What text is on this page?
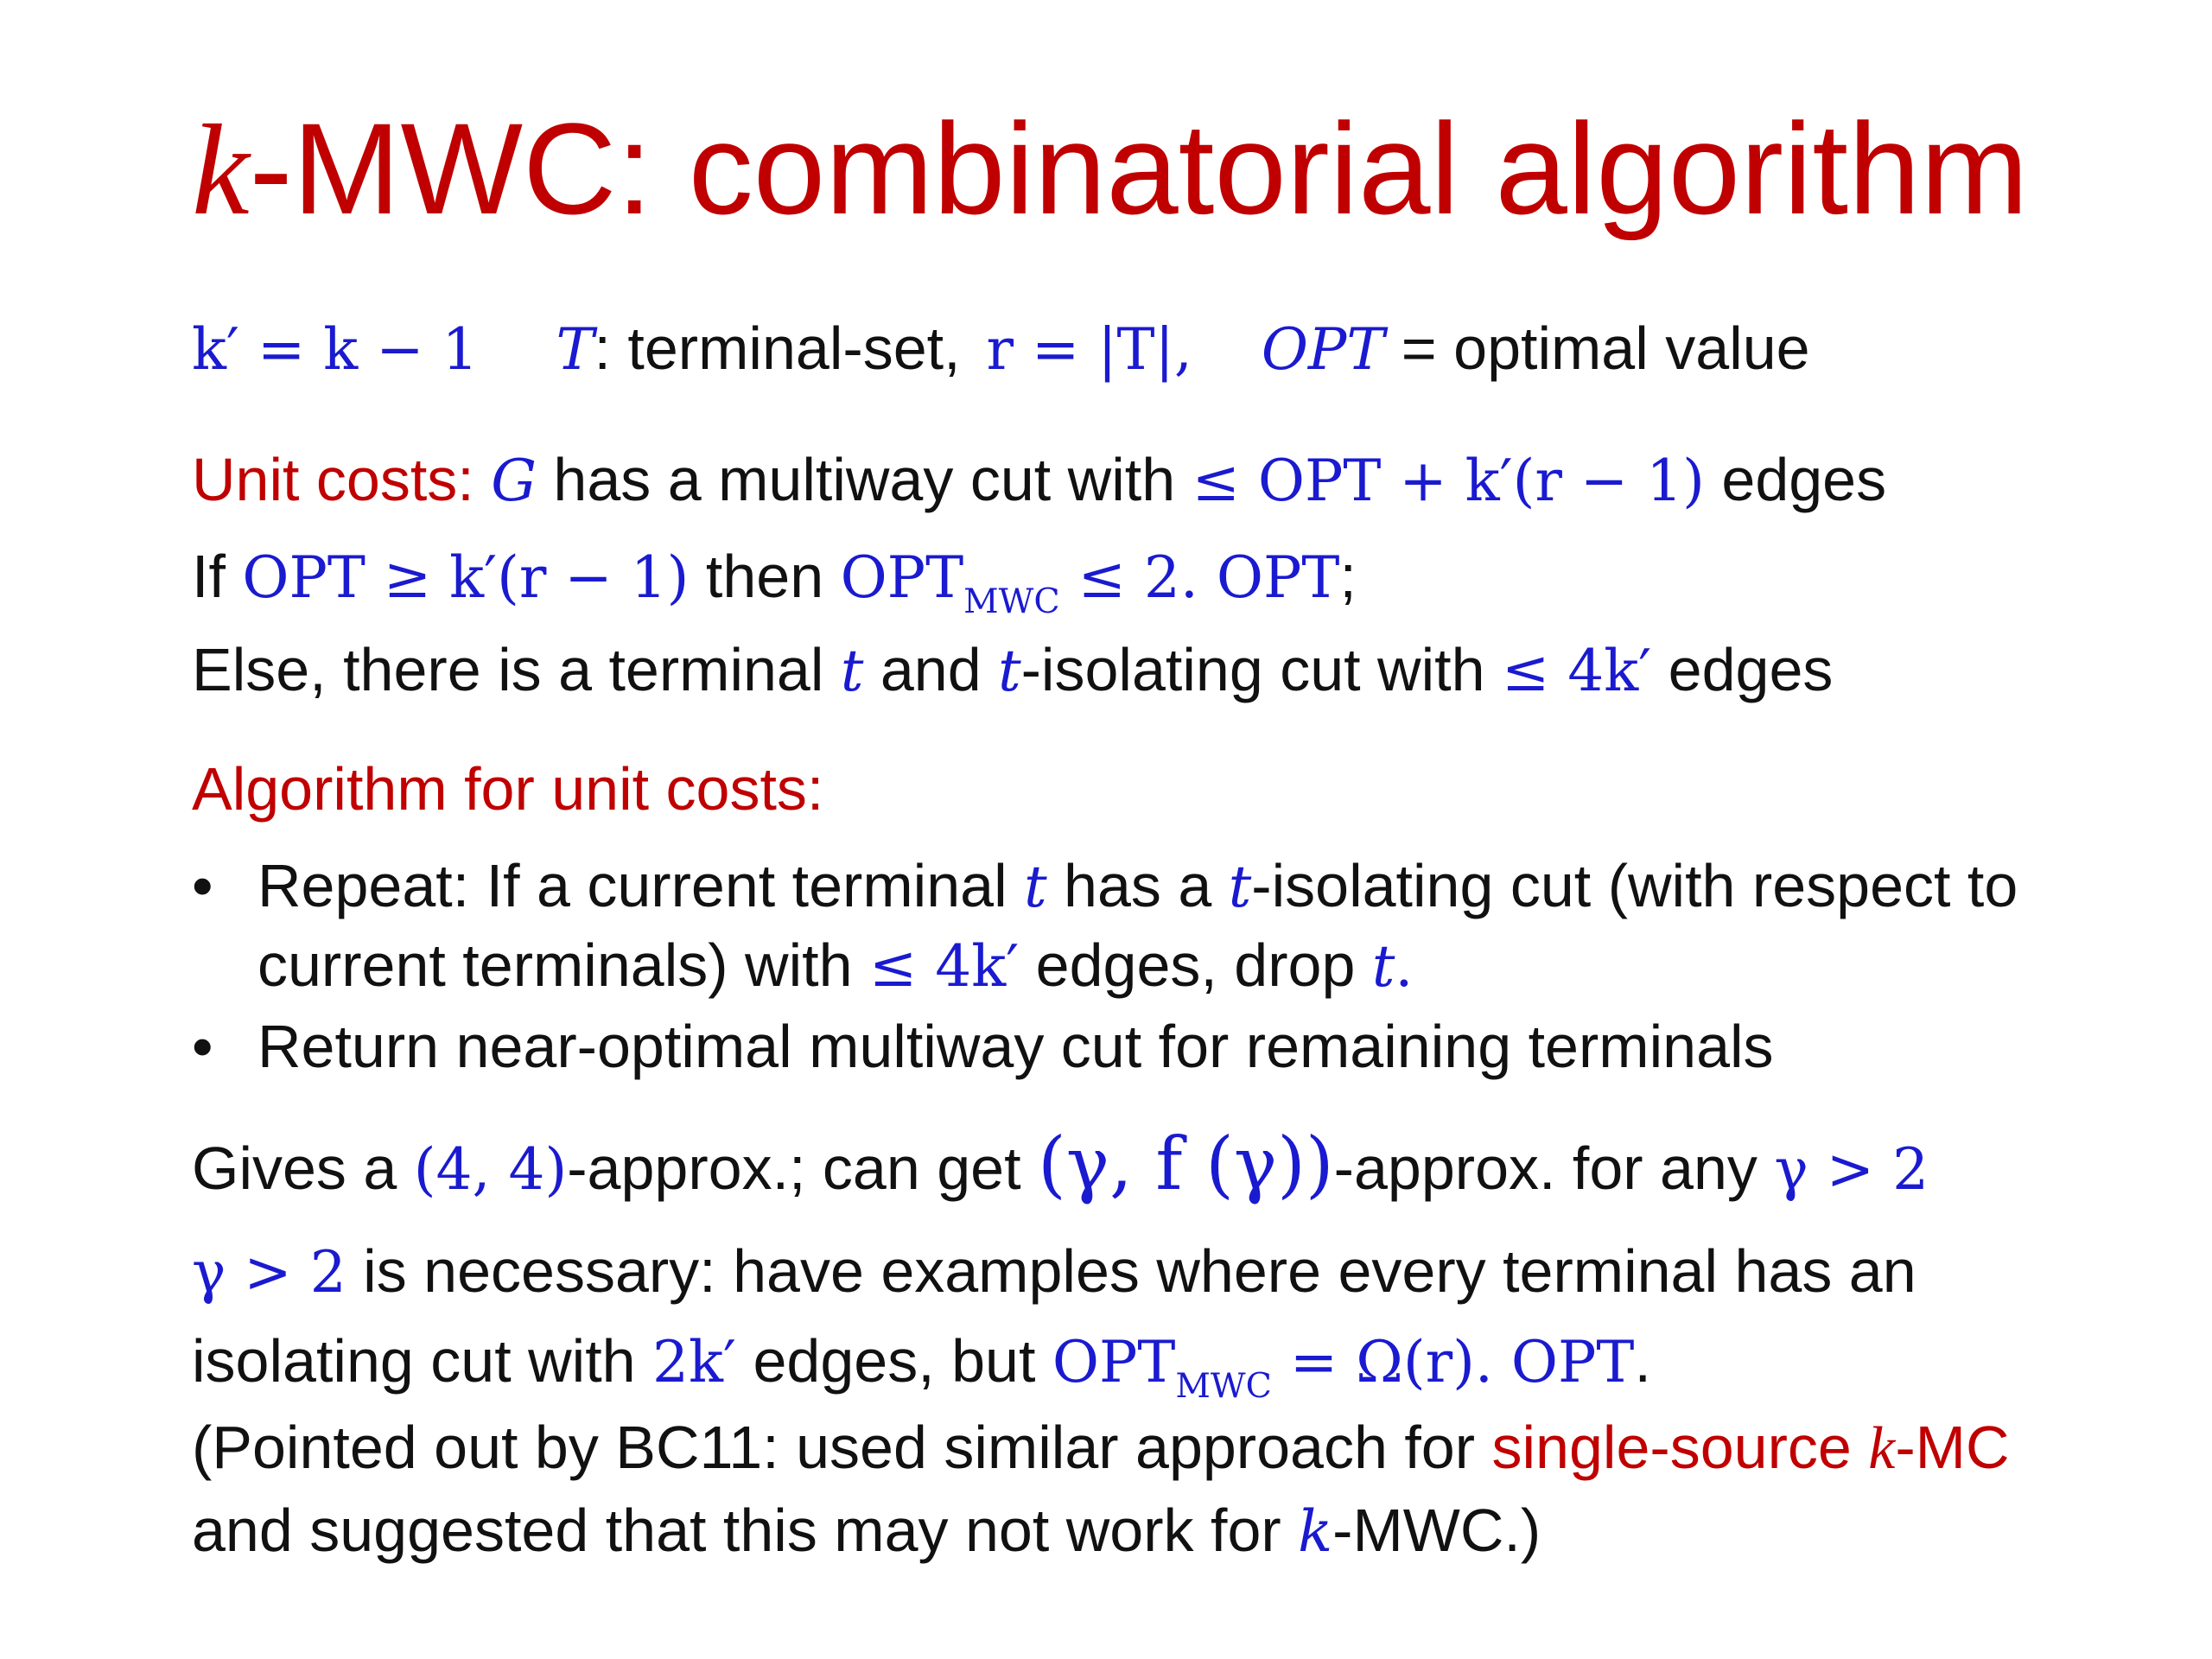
k-MWC: combinatorial algorithm
k′ = k − 1 T: terminal-set, r = |T|, OPT = optimal value
Unit costs: G has a multiway cut with ≤ OPT + k′(r − 1) edges
If OPT ≥ k′(r − 1) then $OPT_{MWC} \le 2$. OPT;
Else, there is a terminal t and t-isolating cut with ≤ 4k′ edges
Algorithm for unit costs:
• Repeat: If a current terminal t has a t-isolating cut (with respect to
current terminals) with ≤ 4k′ edges, drop t.
• Return near-optimal multiway cut for remaining terminals
Gives a (4, 4)-approx.; can get (γ, f (γ))-approx. for any γ > 2
γ > 2 is necessary: have examples where every terminal has an
isolating cut with 2k′ edges, but $OPT_{MWC} = \Omega(r)$. OPT.
(Pointed out by BC11: used similar approach for single-source k-MC
and suggested that this may not work for k-MWC.)
